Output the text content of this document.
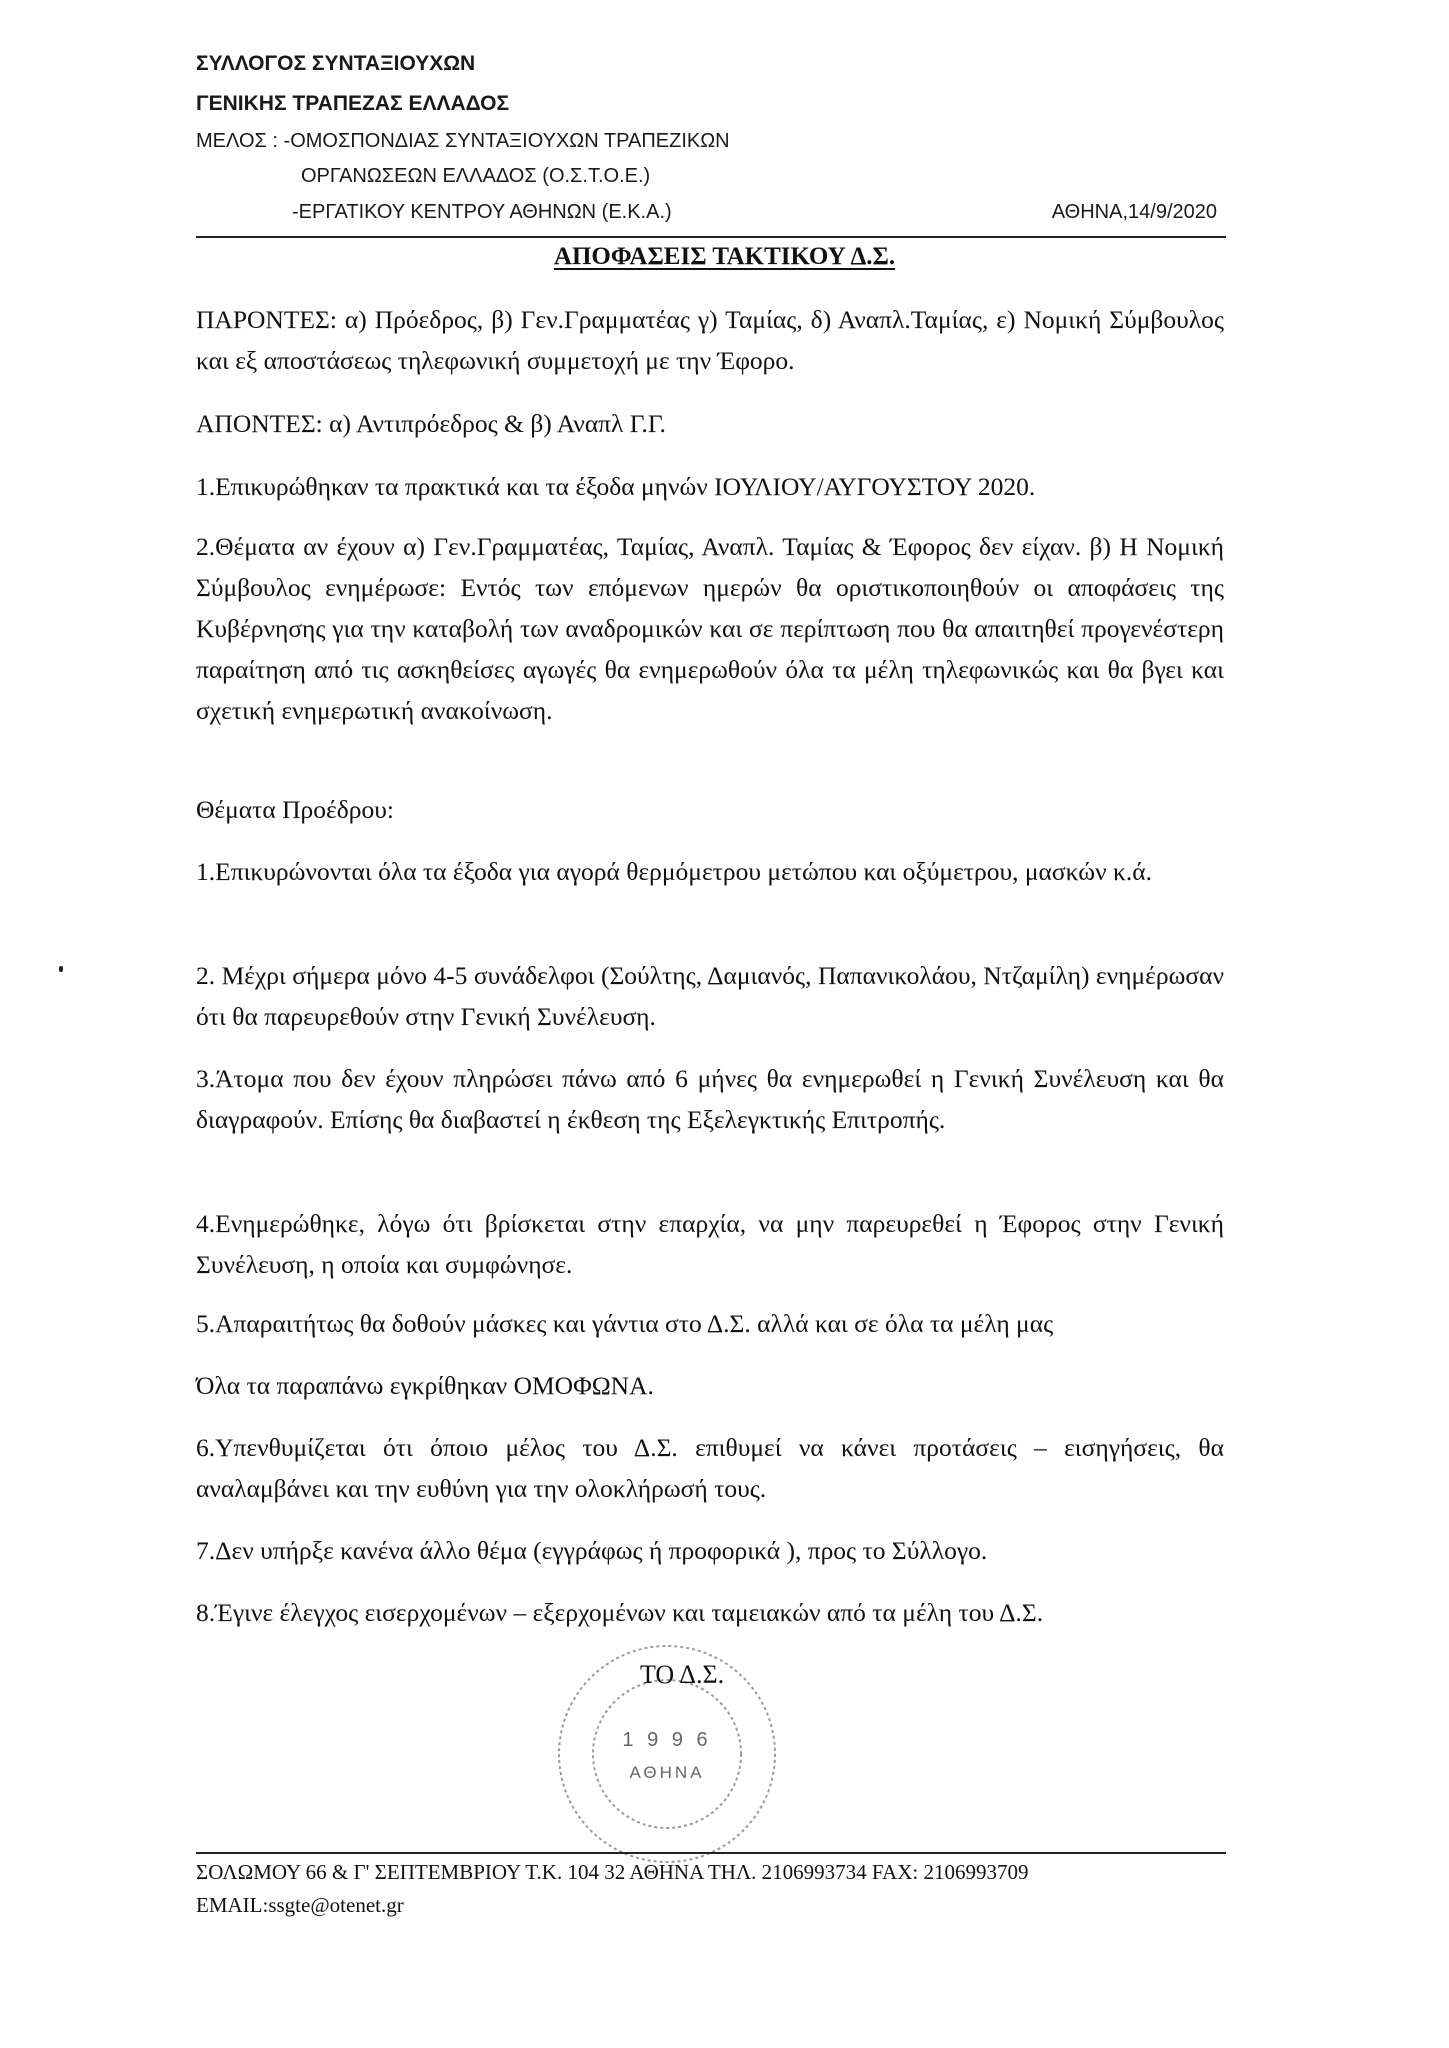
ΣΥΛΛΟΓΟΣ ΣΥΝΤΑΞΙΟΥΧΩΝ
ΓΕΝΙΚΗΣ ΤΡΑΠΕΖΑΣ ΕΛΛΑΔΟΣ
ΜΕΛΟΣ : -ΟΜΟΣΠΟΝΔΙΑΣ ΣΥΝΤΑΞΙΟΥΧΩΝ ΤΡΑΠΕΖΙΚΩΝ
ΟΡΓΑΝΩΣΕΩΝ ΕΛΛΑΔΟΣ (Ο.Σ.Τ.Ο.Ε.)
-ΕΡΓΑΤΙΚΟΥ ΚΕΝΤΡΟΥ ΑΘΗΝΩΝ (Ε.Κ.Α.)	ΑΘΗΝΑ,14/9/2020
ΑΠΟΦΑΣΕΙΣ ΤΑΚΤΙΚΟΥ Δ.Σ.
ΠΑΡΟΝΤΕΣ: α) Πρόεδρος, β) Γεν.Γραμματέας γ) Ταμίας, δ) Αναπλ.Ταμίας, ε) Νομική Σύμβουλος και εξ αποστάσεως τηλεφωνική συμμετοχή με την Έφορο.
ΑΠΟΝΤΕΣ: α) Αντιπρόεδρος & β) Αναπλ Γ.Γ.
1.Επικυρώθηκαν τα πρακτικά και τα έξοδα μηνών ΙΟΥΛΙΟΥ/ΑΥΓΟΥΣΤΟΥ 2020.
2.Θέματα αν έχουν α) Γεν.Γραμματέας, Ταμίας, Αναπλ. Ταμίας & Έφορος δεν είχαν. β) Η Νομική Σύμβουλος ενημέρωσε: Εντός των επόμενων ημερών θα οριστικοποιηθούν οι αποφάσεις της Κυβέρνησης για την καταβολή των αναδρομικών και σε περίπτωση που θα απαιτηθεί προγενέστερη παραίτηση από τις ασκηθείσες αγωγές θα ενημερωθούν όλα τα μέλη τηλεφωνικώς και θα βγει και σχετική ενημερωτική ανακοίνωση.
Θέματα Προέδρου:
1.Επικυρώνονται όλα τα έξοδα για αγορά θερμόμετρου μετώπου και οξύμετρου, μασκών κ.ά.
2. Μέχρι σήμερα μόνο 4-5 συνάδελφοι (Σούλτης, Δαμιανός, Παπανικολάου, Ντζαμίλη) ενημέρωσαν ότι θα παρευρεθούν στην Γενική Συνέλευση.
3.Άτομα που δεν έχουν πληρώσει πάνω από 6 μήνες θα ενημερωθεί η Γενική Συνέλευση και θα διαγραφούν. Επίσης θα διαβαστεί η έκθεση της Εξελεγκτικής Επιτροπής.
4.Ενημερώθηκε, λόγω ότι βρίσκεται στην επαρχία, να μην παρευρεθεί η Έφορος στην Γενική Συνέλευση, η οποία και συμφώνησε.
5.Απαραιτήτως θα δοθούν μάσκες και γάντια στο Δ.Σ. αλλά και σε όλα τα μέλη μας
Όλα τα παραπάνω εγκρίθηκαν ΟΜΟΦΩΝΑ.
6.Υπενθυμίζεται ότι όποιο μέλος του Δ.Σ. επιθυμεί να κάνει προτάσεις – εισηγήσεις, θα αναλαμβάνει και την ευθύνη για την ολοκλήρωσή τους.
7.Δεν υπήρξε κανένα άλλο θέμα (εγγράφως ή προφορικά ), προς το Σύλλογο.
8.Έγινε έλεγχος εισερχομένων – εξερχομένων και ταμειακών από τα μέλη του Δ.Σ.
1 9 9 6
ΑΘΗΝΑ
ΤΟ Δ.Σ.
ΣΟΛΩΜΟΥ 66 & Γ' ΣΕΠΤΕΜΒΡΙΟΥ Τ.Κ. 104 32 ΑΘΗΝΑ ΤΗΛ. 2106993734 FAX: 2106993709
EMAIL:ssgte@otenet.gr
